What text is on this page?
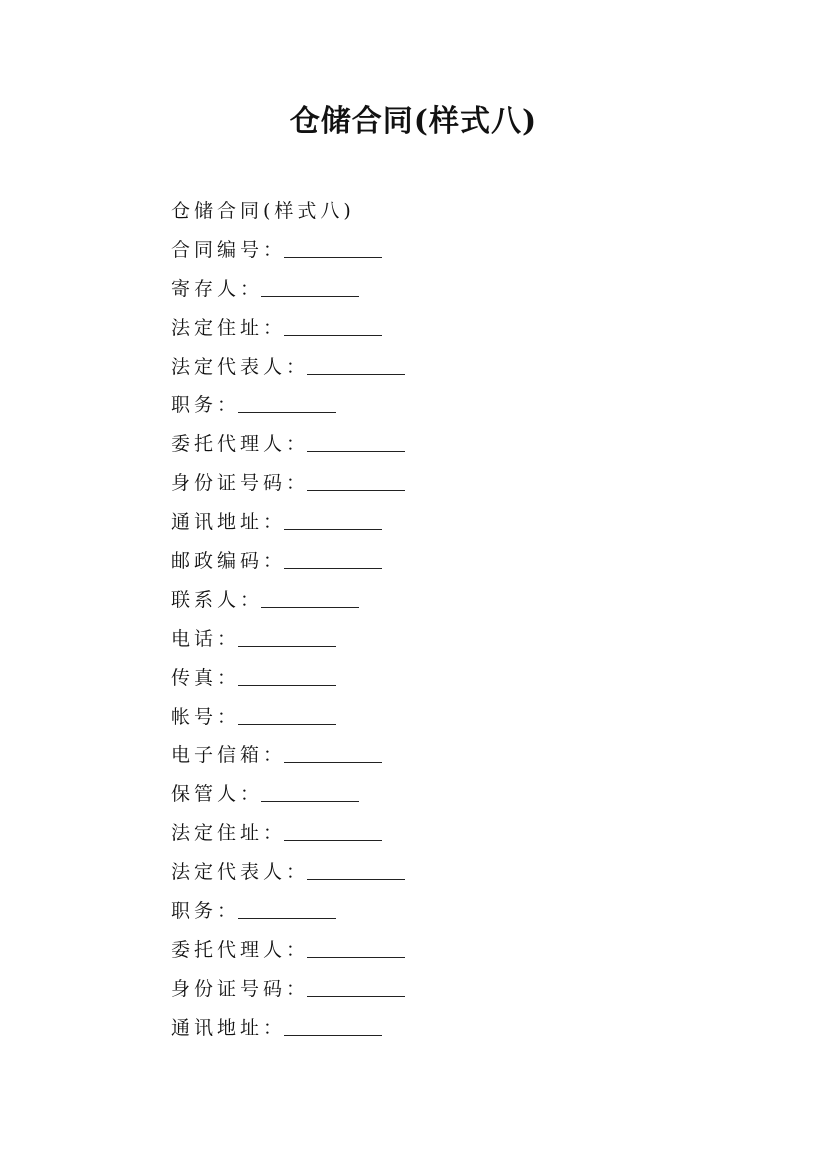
仓储合同(样式八)
仓储合同(样式八)
合同编号：
寄存人：
法定住址：
法定代表人：
职务：
委托代理人：
身份证号码：
通讯地址：
邮政编码：
联系人：
电话：
传真：
帐号：
电子信箱：
保管人：
法定住址：
法定代表人：
职务：
委托代理人：
身份证号码：
通讯地址：
